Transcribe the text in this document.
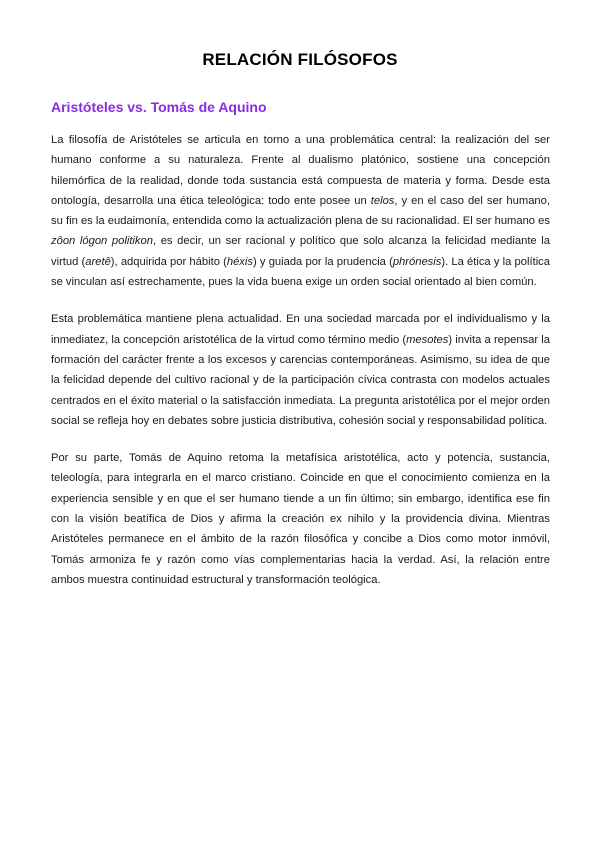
RELACIÓN FILÓSOFOS
Aristóteles vs. Tomás de Aquino

La filosofía de Aristóteles se articula en torno a una problemática central: la realización del ser humano conforme a su naturaleza. Frente al dualismo platónico, sostiene una concepción hilemórfica de la realidad, donde toda sustancia está compuesta de materia y forma. Desde esta ontología, desarrolla una ética teleológica: todo ente posee un telos, y en el caso del ser humano, su fin es la eudaimonía, entendida como la actualización plena de su racionalidad. El ser humano es zôon lógon politikon, es decir, un ser racional y político que solo alcanza la felicidad mediante la virtud (aretê), adquirida por hábito (héxis) y guiada por la prudencia (phrónesis). La ética y la política se vinculan así estrechamente, pues la vida buena exige un orden social orientado al bien común.

Esta problemática mantiene plena actualidad. En una sociedad marcada por el individualismo y la inmediatez, la concepción aristotélica de la virtud como término medio (mesotes) invita a repensar la formación del carácter frente a los excesos y carencias contemporáneas. Asimismo, su idea de que la felicidad depende del cultivo racional y de la participación cívica contrasta con modelos actuales centrados en el éxito material o la satisfacción inmediata. La pregunta aristotélica por el mejor orden social se refleja hoy en debates sobre justicia distributiva, cohesión social y responsabilidad política.

Por su parte, Tomás de Aquino retoma la metafísica aristotélica, acto y potencia, sustancia, teleología, para integrarla en el marco cristiano. Coincide en que el conocimiento comienza en la experiencia sensible y en que el ser humano tiende a un fin último; sin embargo, identifica ese fin con la visión beatífica de Dios y afirma la creación ex nihilo y la providencia divina. Mientras Aristóteles permanece en el ámbito de la razón filosófica y concibe a Dios como motor inmóvil, Tomás armoniza fe y razón como vías complementarias hacia la verdad. Así, la relación entre ambos muestra continuidad estructural y transformación teológica.
